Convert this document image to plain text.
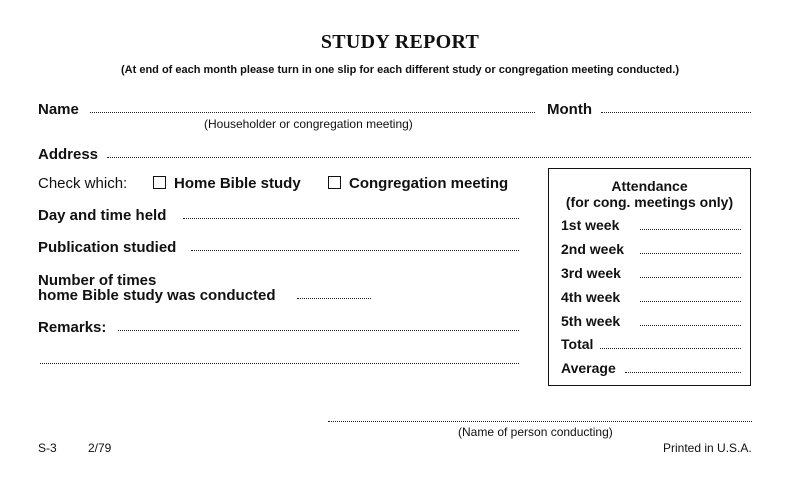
STUDY REPORT
(At end of each month please turn in one slip for each different study or congregation meeting conducted.)
Name
(Householder or congregation meeting)
Month
Address
Check which:	Home Bible study	Congregation meeting
Day and time held
Publication studied
Number of times
home Bible study was conducted
Remarks:
Attendance
(for cong. meetings only)
1st week
2nd week
3rd week
4th week
5th week
Total
Average
(Name of person conducting)
S-3	2/79	Printed in U.S.A.
